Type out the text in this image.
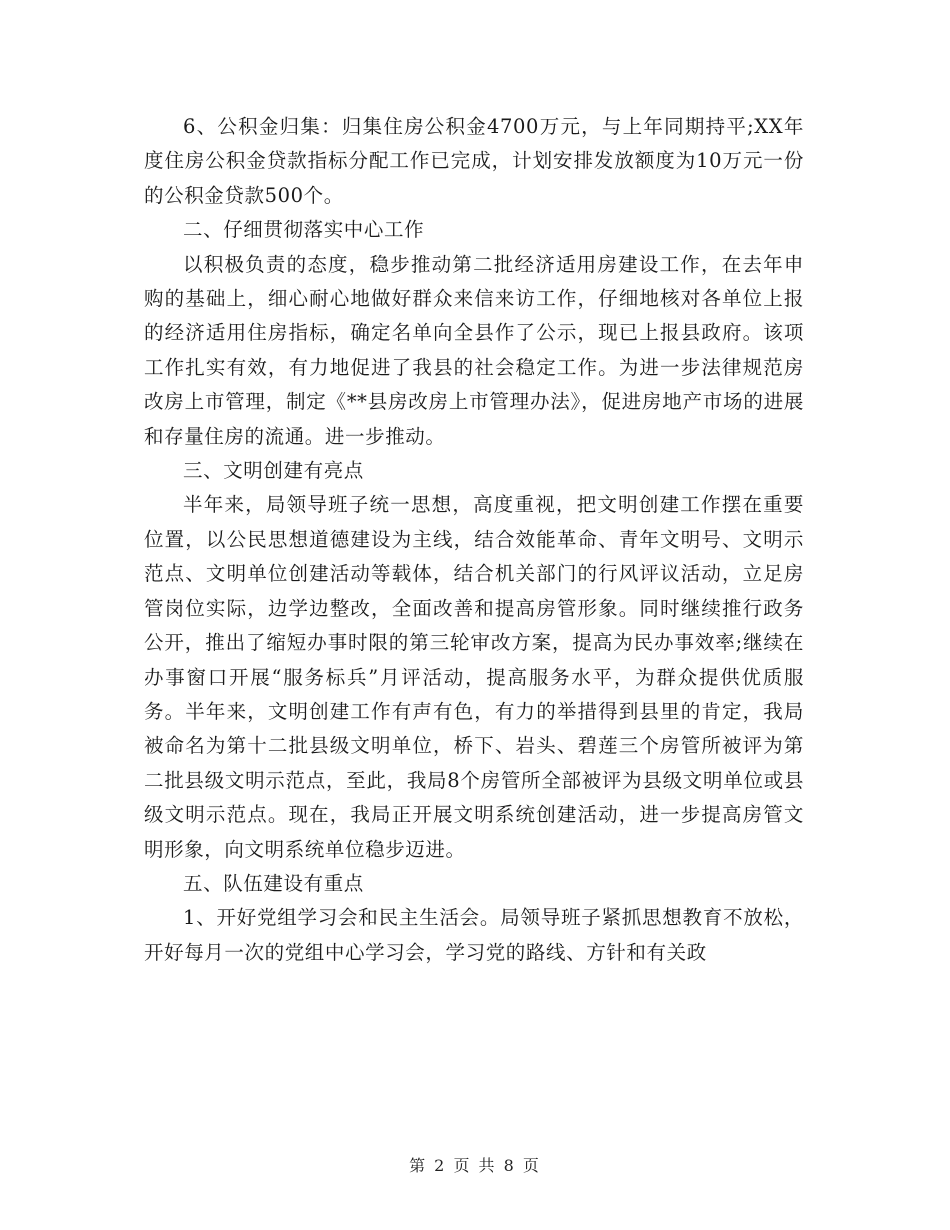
6、公积金归集：归集住房公积金4700万元，与上年同期持平;XX年度住房公积金贷款指标分配工作已完成，计划安排发放额度为10万元一份的公积金贷款500个。

二、仔细贯彻落实中心工作

以积极负责的态度，稳步推动第二批经济适用房建设工作，在去年申购的基础上，细心耐心地做好群众来信来访工作，仔细地核对各单位上报的经济适用住房指标，确定名单向全县作了公示，现已上报县政府。该项工作扎实有效，有力地促进了我县的社会稳定工作。为进一步法律规范房改房上市管理，制定《**县房改房上市管理办法》，促进房地产市场的进展和存量住房的流通。进一步推动。

三、文明创建有亮点

半年来，局领导班子统一思想，高度重视，把文明创建工作摆在重要位置，以公民思想道德建设为主线，结合效能革命、青年文明号、文明示范点、文明单位创建活动等载体，结合机关部门的行风评议活动，立足房管岗位实际，边学边整改，全面改善和提高房管形象。同时继续推行政务公开，推出了缩短办事时限的第三轮审改方案，提高为民办事效率;继续在办事窗口开展“服务标兵”月评活动，提高服务水平，为群众提供优质服务。半年来，文明创建工作有声有色，有力的举措得到县里的肯定，我局被命名为第十二批县级文明单位，桥下、岩头、碧莲三个房管所被评为第二批县级文明示范点，至此，我局8个房管所全部被评为县级文明单位或县级文明示范点。现在，我局正开展文明系统创建活动，进一步提高房管文明形象，向文明系统单位稳步迈进。

五、队伍建设有重点

1、开好党组学习会和民主生活会。局领导班子紧抓思想教育不放松，开好每月一次的党组中心学习会，学习党的路线、方针和有关政

第 2 页 共 8 页
